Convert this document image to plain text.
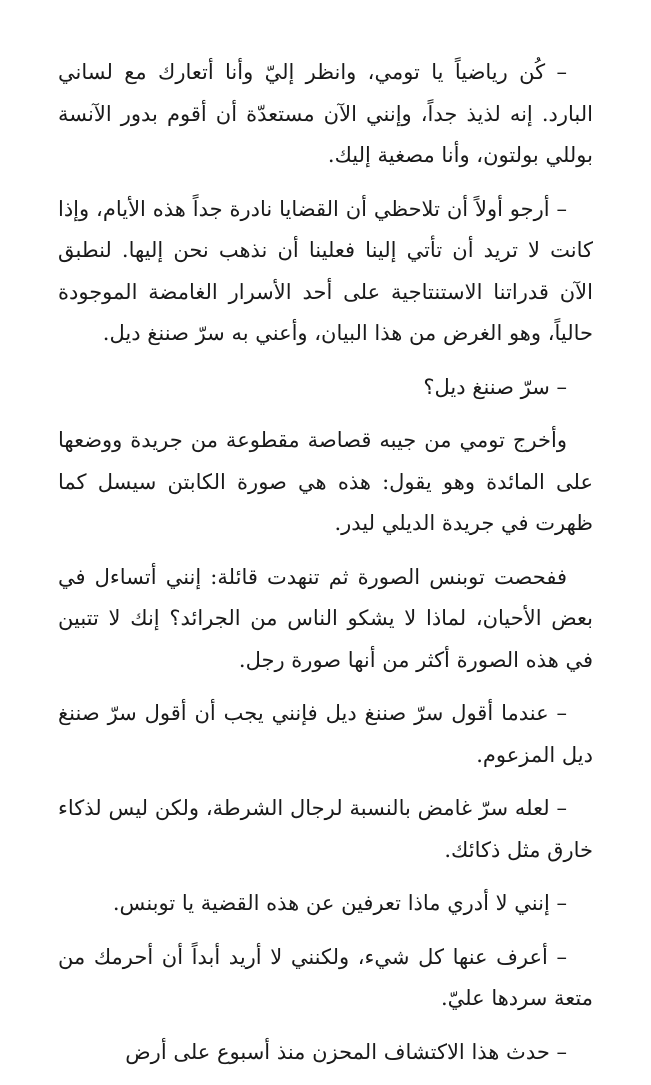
– كُن رياضياً يا تومي، وانظر إليّ وأنا أتعارك مع لساني البارد. إنه لذيذ جداً، وإنني الآن مستعدّة أن أقوم بدور الآنسة بوللي بولتون، وأنا مصغية إليك.

– أرجو أولاً أن تلاحظي أن القضايا نادرة جداً هذه الأيام، وإذا كانت لا تريد أن تأتي إلينا فعلينا أن نذهب نحن إليها. لنطبق الآن قدراتنا الاستنتاجية على أحد الأسرار الغامضة الموجودة حالياً، وهو الغرض من هذا البيان، وأعني به سرّ صننغ ديل.

– سرّ صننغ ديل؟

وأخرج تومي من جيبه قصاصة مقطوعة من جريدة ووضعها على المائدة وهو يقول: هذه هي صورة الكابتن سيسل كما ظهرت في جريدة الديلي ليدر.

ففحصت توبنس الصورة ثم تنهدت قائلة: إنني أتساءل في بعض الأحيان، لماذا لا يشكو الناس من الجرائد؟ إنك لا تتبين في هذه الصورة أكثر من أنها صورة رجل.

– عندما أقول سرّ صننغ ديل فإنني يجب أن أقول سرّ صننغ ديل المزعوم.

– لعله سرّ غامض بالنسبة لرجال الشرطة، ولكن ليس لذكاء خارق مثل ذكائك.

– إنني لا أدري ماذا تعرفين عن هذه القضية يا توبنس.

– أعرف عنها كل شيء، ولكنني لا أريد أبداً أن أحرمك من متعة سردها عليّ.

– حدث هذا الاكتشاف المحزن منذ أسبوع على أرض
